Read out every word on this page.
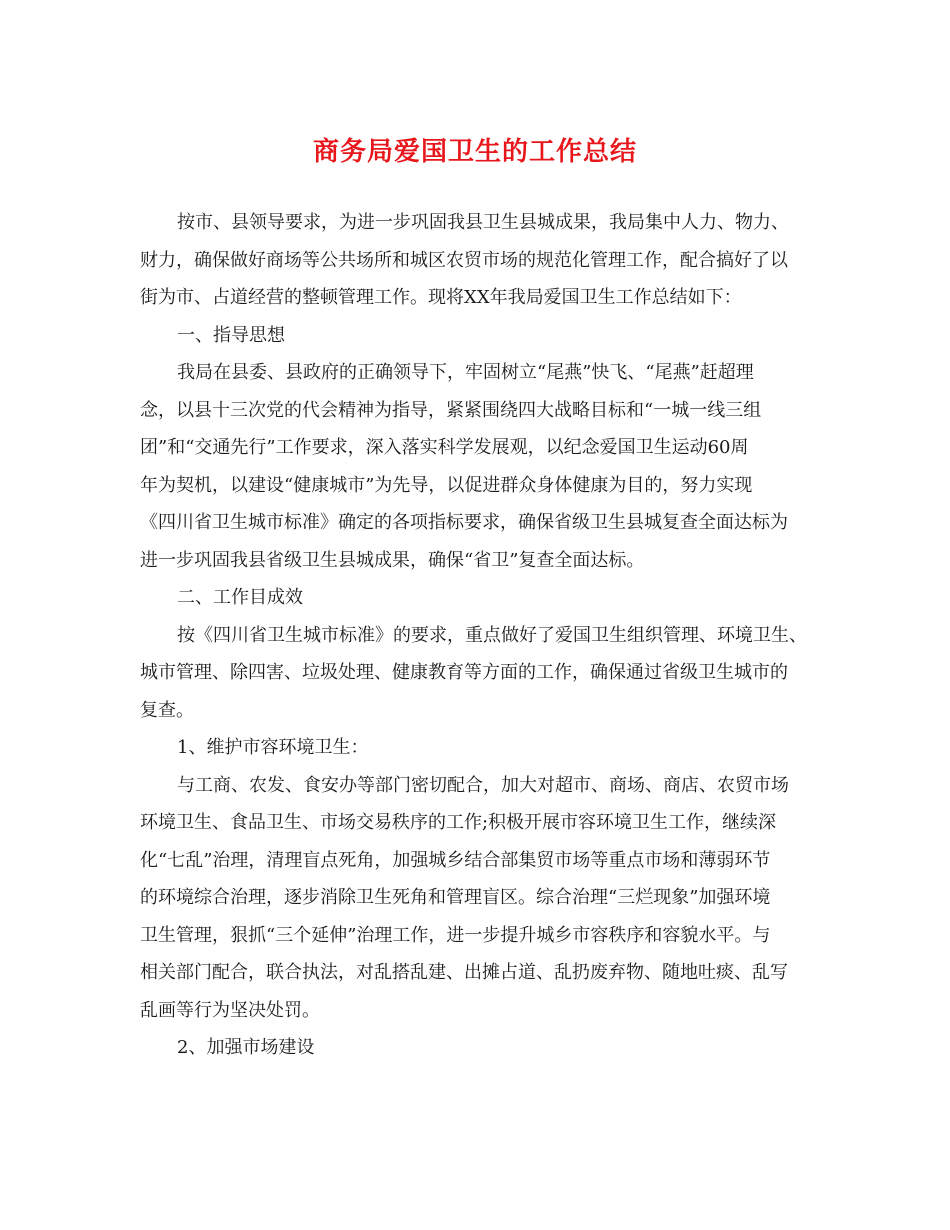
商务局爱国卫生的工作总结
按市、县领导要求，为进一步巩固我县卫生县城成果，我局集中人力、物力、
财力，确保做好商场等公共场所和城区农贸市场的规范化管理工作，配合搞好了以
街为市、占道经营的整顿管理工作。现将XX年我局爱国卫生工作总结如下：
一、指导思想
我局在县委、县政府的正确领导下，牢固树立“尾燕”快飞、“尾燕”赶超理
念，以县十三次党的代会精神为指导，紧紧围绕四大战略目标和“一城一线三组
团”和“交通先行”工作要求，深入落实科学发展观，以纪念爱国卫生运动60周
年为契机，以建设“健康城市”为先导，以促进群众身体健康为目的，努力实现
《四川省卫生城市标准》确定的各项指标要求，确保省级卫生县城复查全面达标为
进一步巩固我县省级卫生县城成果，确保“省卫”复查全面达标。
二、工作目成效
按《四川省卫生城市标准》的要求，重点做好了爱国卫生组织管理、环境卫生、
城市管理、除四害、垃圾处理、健康教育等方面的工作，确保通过省级卫生城市的
复查。
1、维护市容环境卫生：
与工商、农发、食安办等部门密切配合，加大对超市、商场、商店、农贸市场
环境卫生、食品卫生、市场交易秩序的工作;积极开展市容环境卫生工作，继续深
化“七乱”治理，清理盲点死角，加强城乡结合部集贸市场等重点市场和薄弱环节
的环境综合治理，逐步消除卫生死角和管理盲区。综合治理“三烂现象”加强环境
卫生管理，狠抓“三个延伸”治理工作，进一步提升城乡市容秩序和容貌水平。与
相关部门配合，联合执法，对乱搭乱建、出摊占道、乱扔废弃物、随地吐痰、乱写
乱画等行为坚决处罚。
2、加强市场建设
